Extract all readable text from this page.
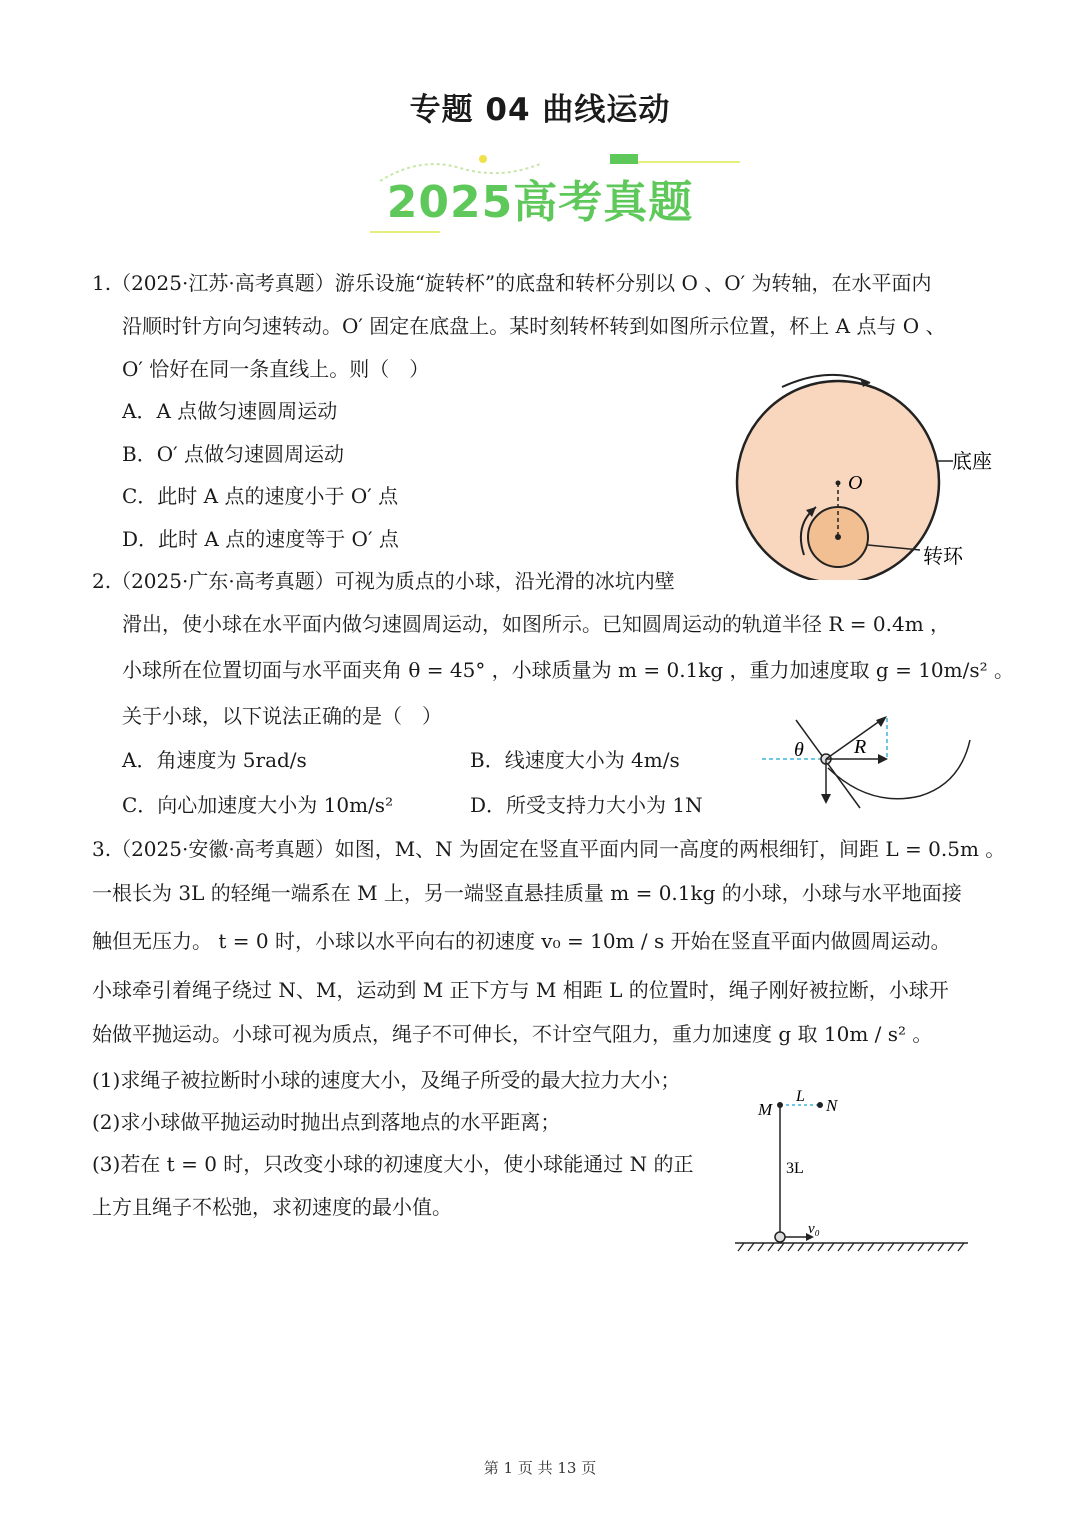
专题 04 曲线运动
2025高考真题
1.（2025·江苏·高考真题）游乐设施“旋转杯”的底盘和转杯分别以 O 、O′ 为转轴，在水平面内
沿顺时针方向匀速转动。O′ 固定在底盘上。某时刻转杯转到如图所示位置，杯上 A 点与 O 、
O′ 恰好在同一条直线上。则（　）
A．A 点做匀速圆周运动
B．O′ 点做匀速圆周运动
C．此时 A 点的速度小于 O′ 点
D．此时 A 点的速度等于 O′ 点
O
底座
转环
2.（2025·广东·高考真题）可视为质点的小球，沿光滑的冰坑内壁
滑出，使小球在水平面内做匀速圆周运动，如图所示。已知圆周运动的轨道半径 R = 0.4m ，
小球所在位置切面与水平面夹角 θ = 45° ，小球质量为 m = 0.1kg ，重力加速度取 g = 10m/s² 。
关于小球，以下说法正确的是（　）
A．角速度为 5rad/s	B．线速度大小为 4m/s
C．向心加速度大小为 10m/s²	D．所受支持力大小为 1N
θ	R
3.（2025·安徽·高考真题）如图，M、N 为固定在竖直平面内同一高度的两根细钉，间距 L = 0.5m 。
一根长为 3L 的轻绳一端系在 M 上，另一端竖直悬挂质量 m = 0.1kg 的小球，小球与水平地面接
触但无压力。 t = 0 时，小球以水平向右的初速度 v₀ = 10m / s 开始在竖直平面内做圆周运动。
小球牵引着绳子绕过 N、M，运动到 M 正下方与 M 相距 L 的位置时，绳子刚好被拉断，小球开
始做平抛运动。小球可视为质点，绳子不可伸长，不计空气阻力，重力加速度 g 取 10m / s² 。
(1)求绳子被拉断时小球的速度大小，及绳子所受的最大拉力大小；
(2)求小球做平抛运动时抛出点到落地点的水平距离；
(3)若在 t = 0 时，只改变小球的初速度大小，使小球能通过 N 的正
上方且绳子不松弛，求初速度的最小值。
M	N
L
3L
v₀
第 1 页 共 13 页
